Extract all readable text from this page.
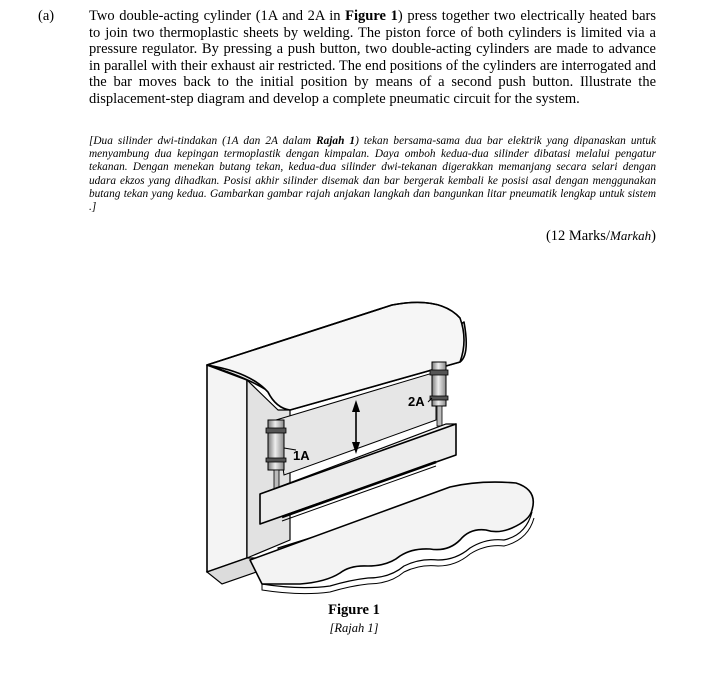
(a) Two double-acting cylinder (1A and 2A in Figure 1) press together two electrically heated bars to join two thermoplastic sheets by welding. The piston force of both cylinders is limited via a pressure regulator. By pressing a push button, two double-acting cylinders are made to advance in parallel with their exhaust air restricted. The end positions of the cylinders are interrogated and the bar moves back to the initial position by means of a second push button. Illustrate the displacement-step diagram and develop a complete pneumatic circuit for the system.
[Dua silinder dwi-tindakan (1A dan 2A dalam Rajah 1) tekan bersama-sama dua bar elektrik yang dipanaskan untuk menyambung dua kepingan termoplastik dengan kimpalan. Daya omboh kedua-dua silinder dibatasi melalui pengatur tekanan. Dengan menekan butang tekan, kedua-dua silinder dwi-tekanan digerakkan memanjang secara selari dengan udara ekzos yang dihadkan. Posisi akhir silinder disemak dan bar bergerak kembali ke posisi asal dengan menggunakan butang tekan yang kedua. Gambarkan gambar rajah anjakan langkah dan bangunkan litar pneumatik lengkap untuk sistem .]
(12 Marks/Markah)
1A
2A
Figure 1
[Rajah 1]
